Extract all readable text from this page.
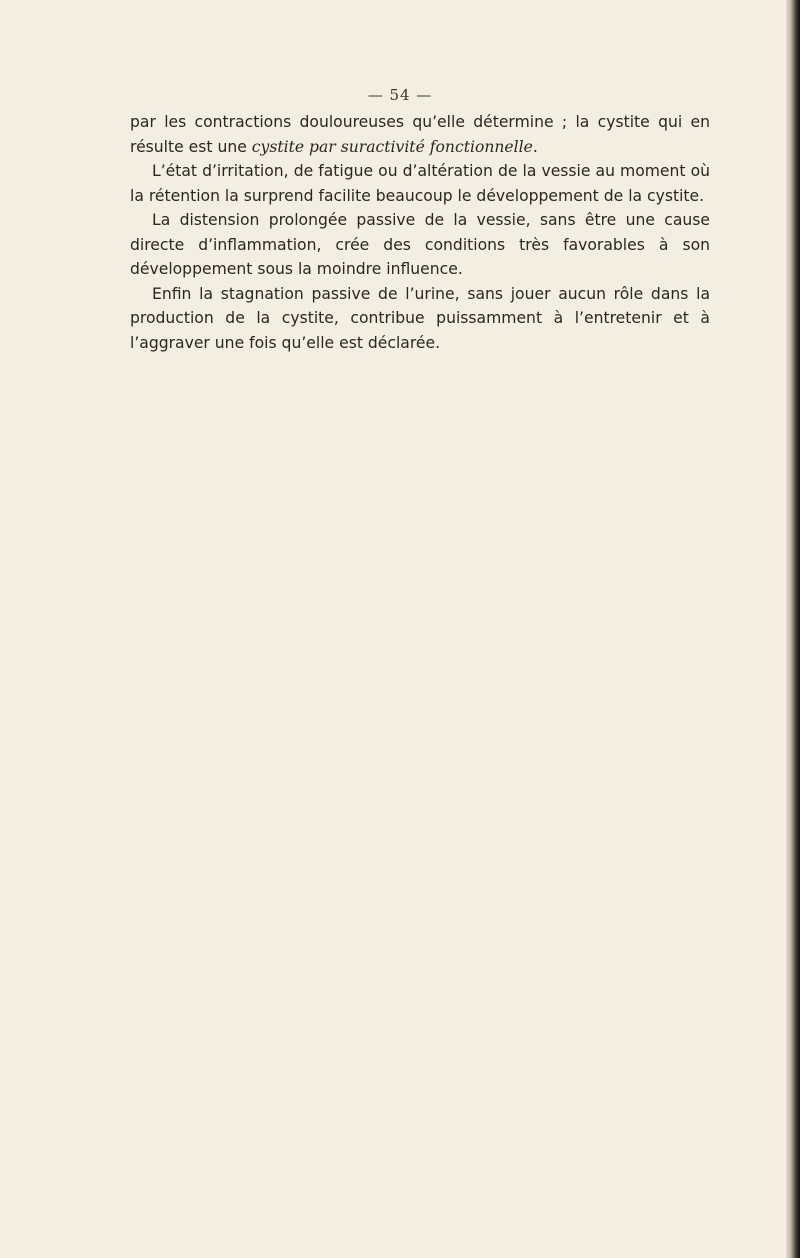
— 54 —

par les contractions douloureuses qu’elle détermine ; la cystite qui en résulte est une cystite par suractivité fonctionnelle.

L’état d’irritation, de fatigue ou d’altération de la vessie au moment où la rétention la surprend facilite beaucoup le développement de la cystite.

La distension prolongée passive de la vessie, sans être une cause directe d’inflammation, crée des conditions très favorables à son développement sous la moindre influence.

Enfin la stagnation passive de l’urine, sans jouer aucun rôle dans la production de la cystite, contribue puissamment à l’entretenir et à l’aggraver une fois qu’elle est déclarée.
